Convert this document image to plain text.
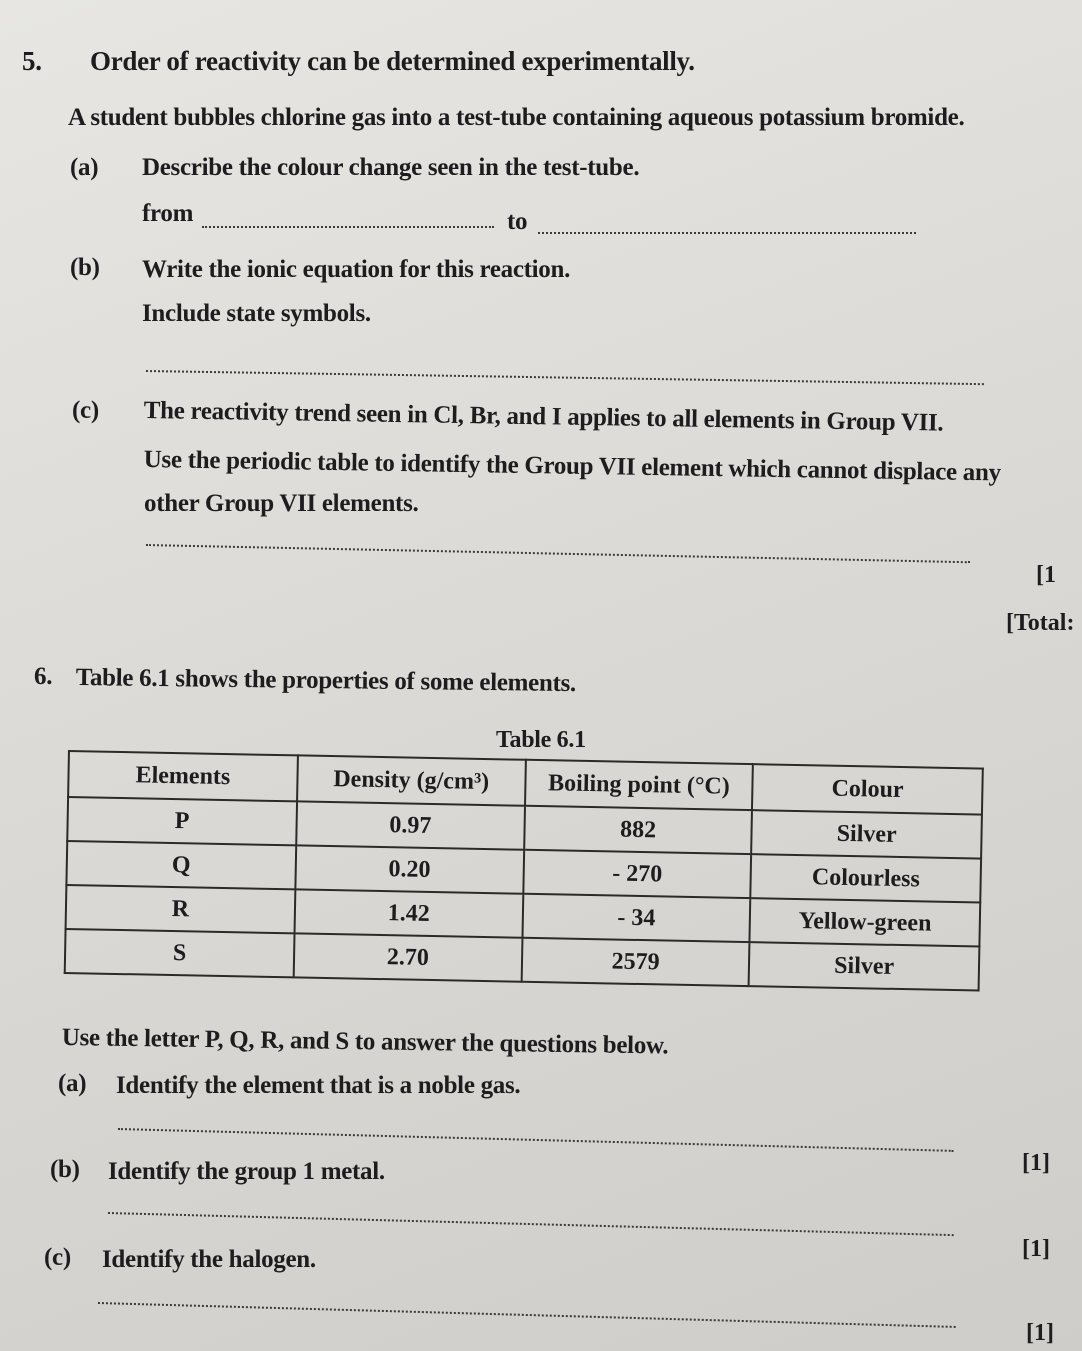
5. Order of reactivity can be determined experimentally.
A student bubbles chlorine gas into a test-tube containing aqueous potassium bromide.
(a) Describe the colour change seen in the test-tube.
from	to
(b) Write the ionic equation for this reaction.
Include state symbols.
(c) The reactivity trend seen in Cl, Br, and I applies to all elements in Group VII.
Use the periodic table to identify the Group VII element which cannot displace any
other Group VII elements.
[1
[Total:
6. Table 6.1 shows the properties of some elements.
Table 6.1
Elements	Density (g/cm³)	Boiling point (°C)	Colour
P	0.97	882	Silver
Q	0.20	- 270	Colourless
R	1.42	- 34	Yellow-green
S	2.70	2579	Silver
Use the letter P, Q, R, and S to answer the questions below.
(a) Identify the element that is a noble gas.
[1]
(b) Identify the group 1 metal.
[1]
(c) Identify the halogen.
[1]
